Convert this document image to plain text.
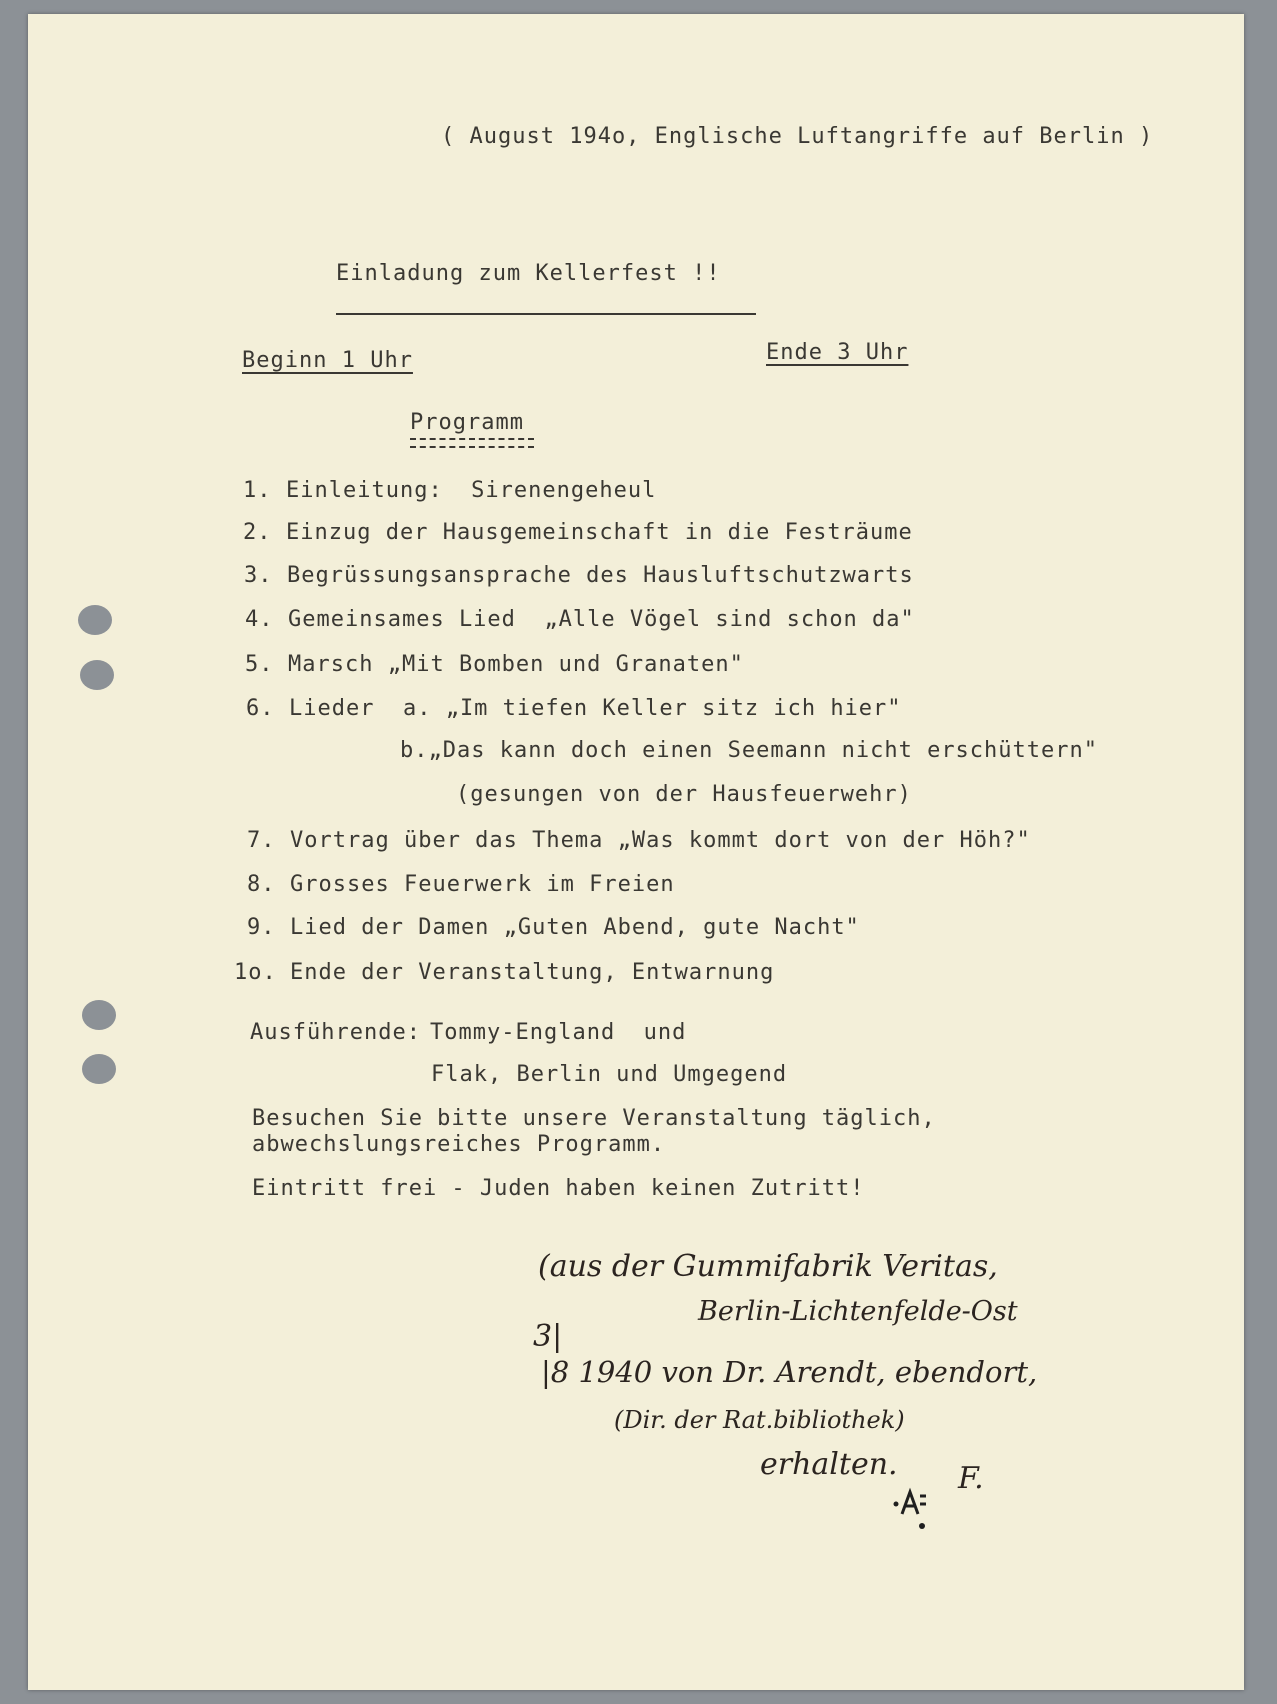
( August 194o, Englische Luftangriffe auf Berlin )
Einladung zum Kellerfest !!
Beginn 1 Uhr	Ende 3 Uhr
Programm
1. Einleitung:  Sirenengeheul
2. Einzug der Hausgemeinschaft in die Festräume
3. Begrüssungsansprache des Hausluftschutzwarts
4. Gemeinsames Lied  „Alle Vögel sind schon da"
5. Marsch „Mit Bomben und Granaten"
6. Lieder  a. „Im tiefen Keller sitz ich hier"
b.„Das kann doch einen Seemann nicht erschüttern"
(gesungen von der Hausfeuerwehr)
7. Vortrag über das Thema „Was kommt dort von der Höh?"
8. Grosses Feuerwerk im Freien
9. Lied der Damen „Guten Abend, gute Nacht"
1o. Ende der Veranstaltung, Entwarnung
Ausführende: Tommy-England  und
Flak, Berlin und Umgegend
Besuchen Sie bitte unsere Veranstaltung täglich,
abwechslungsreiches Programm.
Eintritt frei - Juden haben keinen Zutritt!
(aus der Gummifabrik Veritas,
Berlin-Lichtenfelde-Ost
3|
|8 1940 von Dr. Arendt, ebendort,
(Dir. der Rat.bibliothek)
erhalten. F.
